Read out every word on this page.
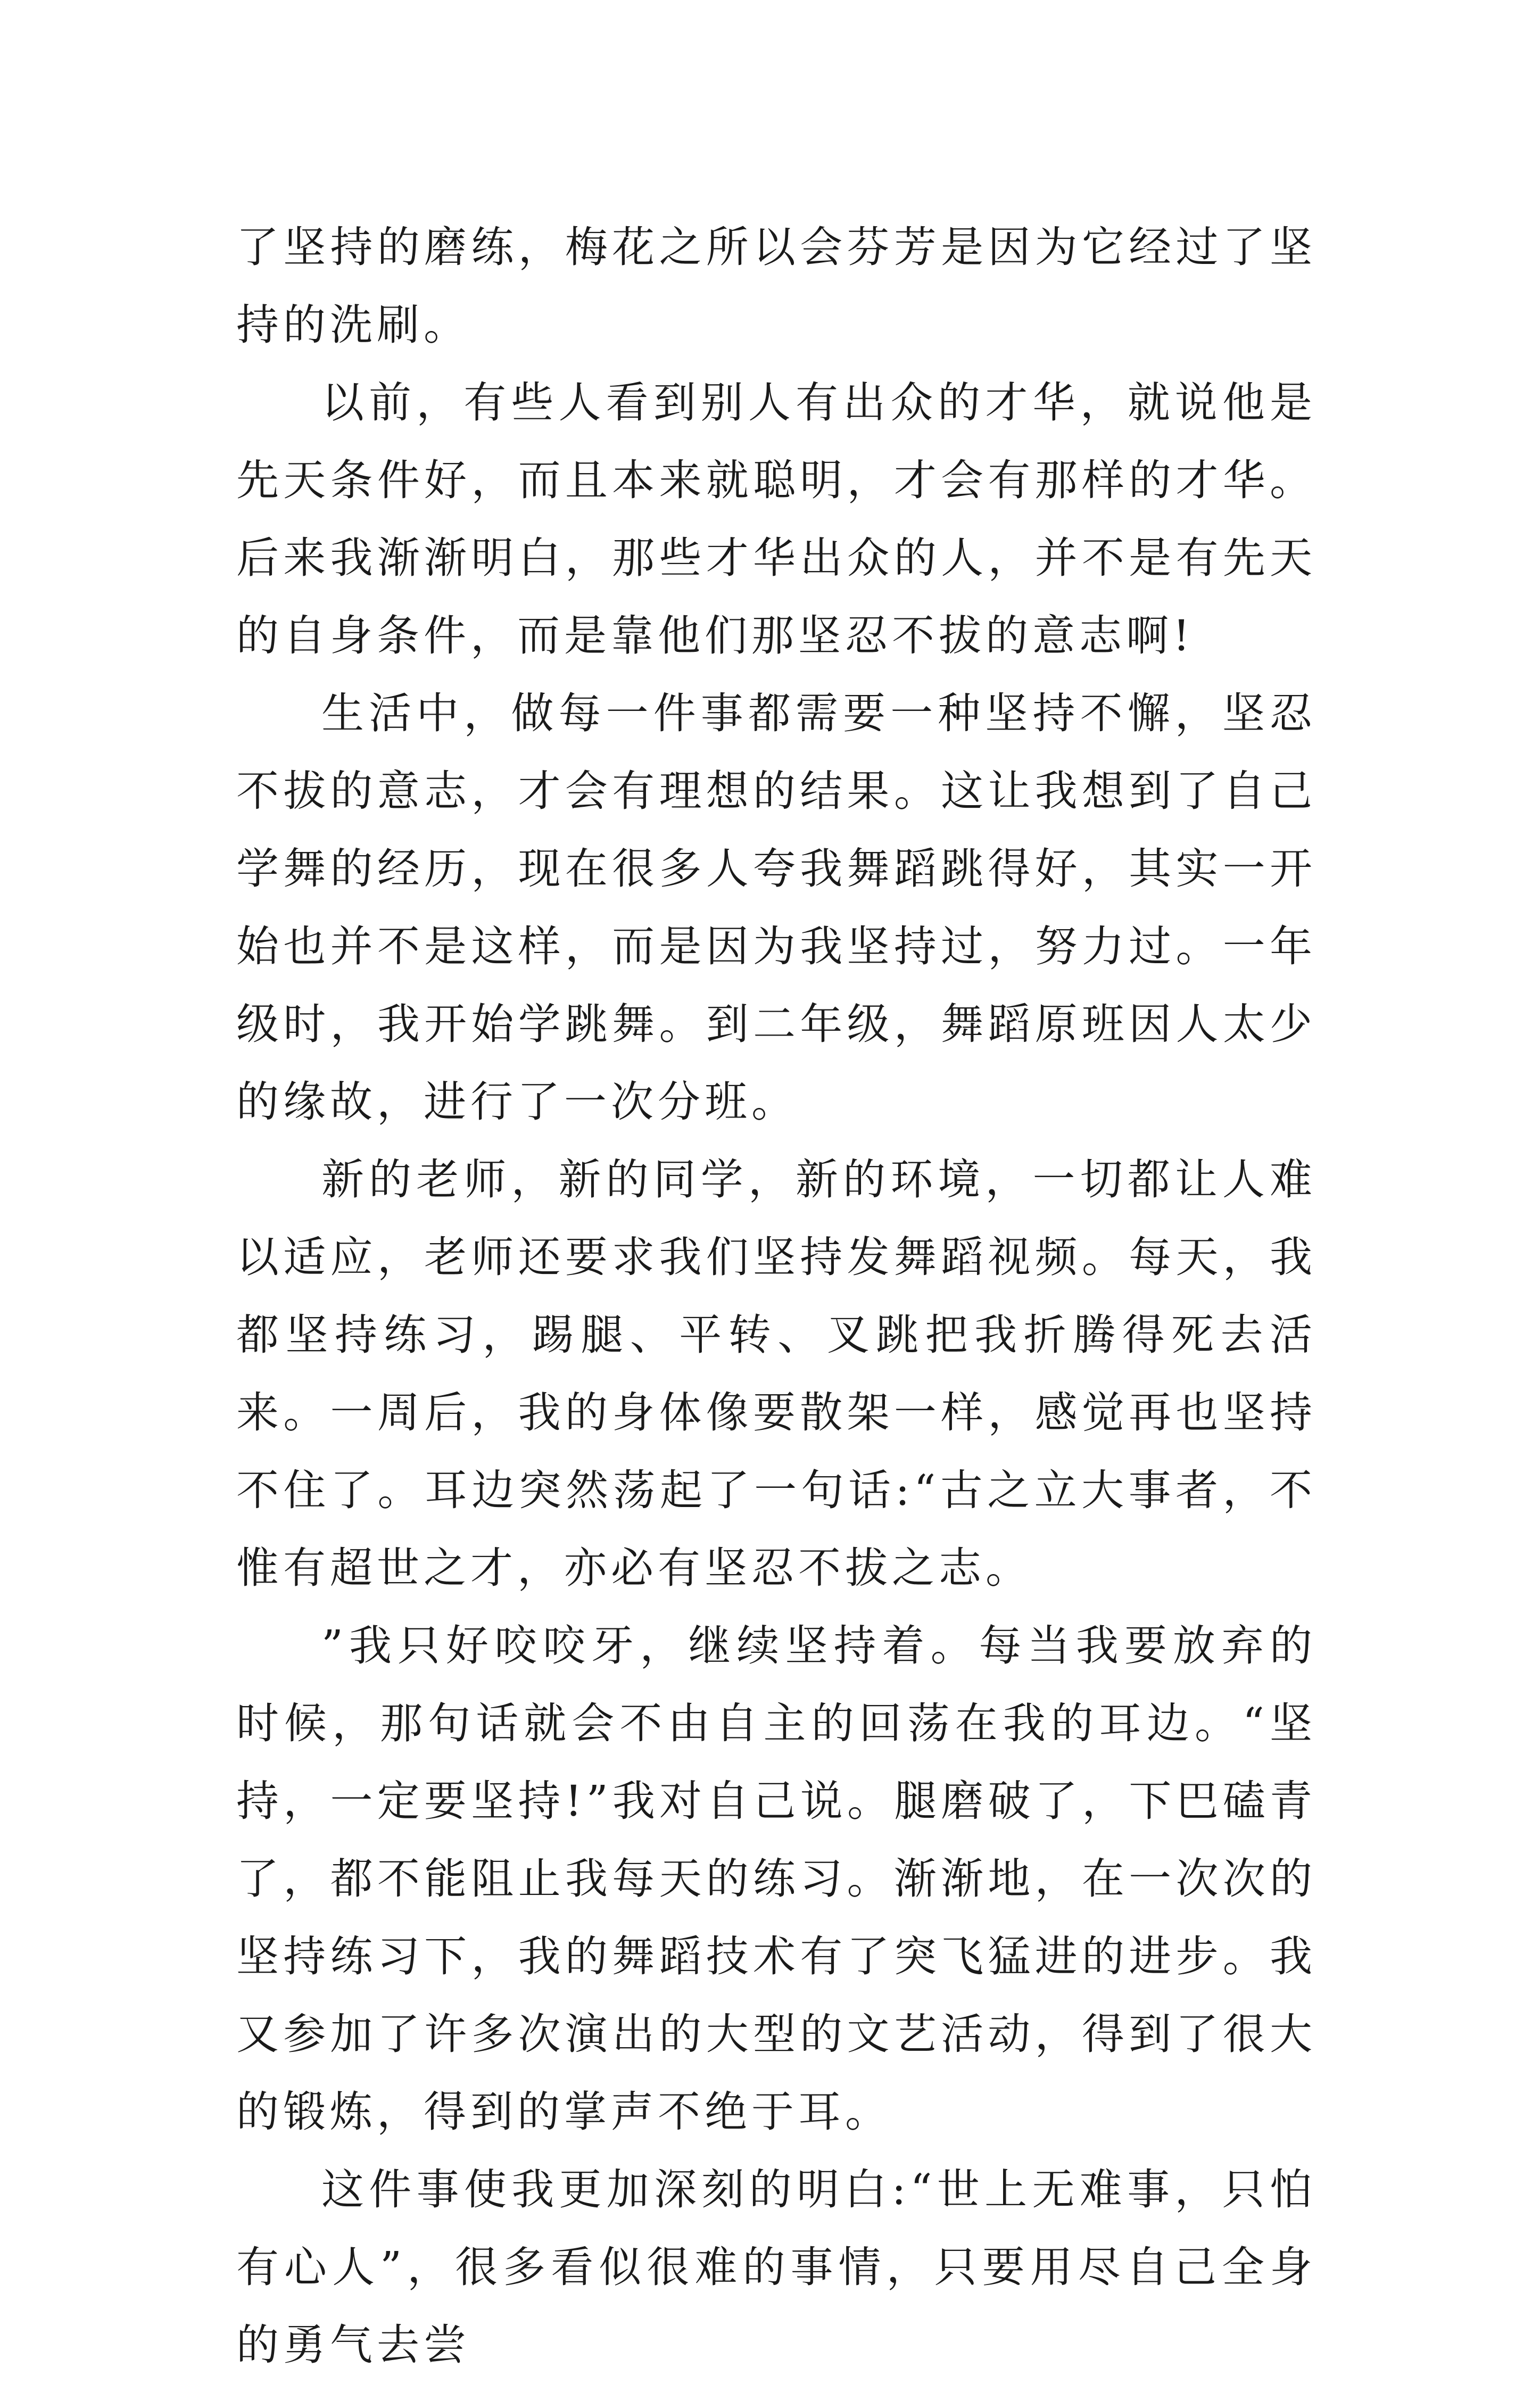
了坚持的磨练，梅花之所以会芬芳是因为它经过了坚持的洗刷。

以前，有些人看到别人有出众的才华，就说他是先天条件好，而且本来就聪明，才会有那样的才华。后来我渐渐明白，那些才华出众的人，并不是有先天的自身条件，而是靠他们那坚忍不拔的意志啊!

生活中，做每一件事都需要一种坚持不懈，坚忍不拔的意志，才会有理想的结果。这让我想到了自己学舞的经历，现在很多人夸我舞蹈跳得好，其实一开始也并不是这样，而是因为我坚持过，努力过。一年级时，我开始学跳舞。到二年级，舞蹈原班因人太少的缘故，进行了一次分班。

新的老师，新的同学，新的环境，一切都让人难以适应，老师还要求我们坚持发舞蹈视频。每天，我都坚持练习，踢腿、平转、叉跳把我折腾得死去活来。一周后，我的身体像要散架一样，感觉再也坚持不住了。耳边突然荡起了一句话:“古之立大事者，不惟有超世之才，亦必有坚忍不拔之志。

”我只好咬咬牙，继续坚持着。每当我要放弃的时候，那句话就会不由自主的回荡在我的耳边。“坚持，一定要坚持!”我对自己说。腿磨破了，下巴磕青了，都不能阻止我每天的练习。渐渐地，在一次次的坚持练习下，我的舞蹈技术有了突飞猛进的进步。我又参加了许多次演出的大型的文艺活动，得到了很大的锻炼，得到的掌声不绝于耳。

这件事使我更加深刻的明白:“世上无难事，只怕有心人”，很多看似很难的事情，只要用尽自己全身的勇气去尝
